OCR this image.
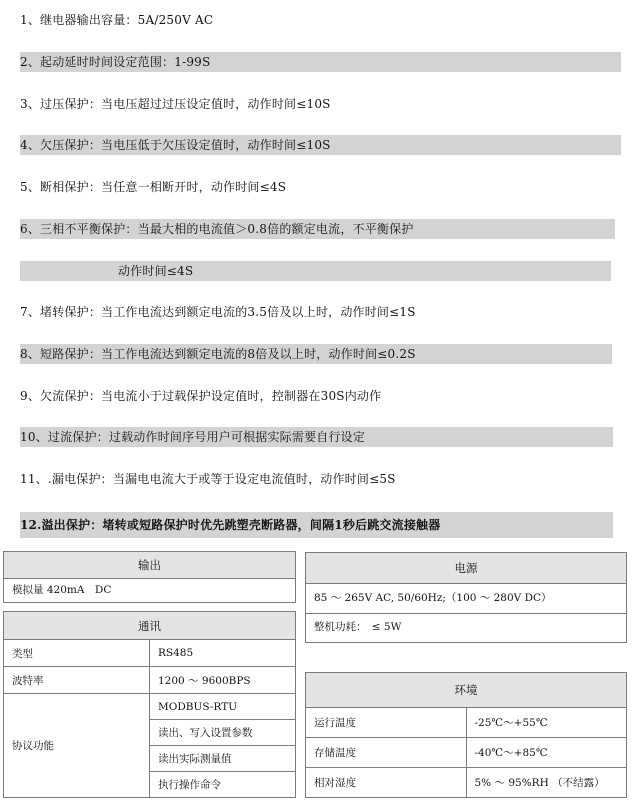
1、继电器输出容量：5A/250V AC
2、起动延时时间设定范围：1-99S
3、过压保护：当电压超过过压设定值时，动作时间≤10S
4、欠压保护：当电压低于欠压设定值时，动作时间≤10S
5、断相保护：当任意一相断开时，动作时间≤4S
6、三相不平衡保护：当最大相的电流值＞0.8倍的额定电流，不平衡保护
动作时间≤4S
7、堵转保护：当工作电流达到额定电流的3.5倍及以上时，动作时间≤1S
8、短路保护：当工作电流达到额定电流的8倍及以上时，动作时间≤0.2S
9、欠流保护：当电流小于过载保护设定值时，控制器在30S内动作
10、过流保护：过载动作时间序号用户可根据实际需要自行设定
11、.漏电保护：当漏电电流大于或等于设定电流值时，动作时间≤5S
12.溢出保护：堵转或短路保护时优先跳塑壳断路器，间隔1秒后跳交流接触器
输出
模拟量 420mA　DC
通讯	
类型	RS485
波特率	1200 ～ 9600BPS
协议功能	MODBUS-RTU
	读出、写入设置参数
	读出实际测量值
	执行操作命令
电源
85 ～ 265V AC, 50/60Hz;（100 ～ 280V DC）
整机功耗：　≤ 5W
环境	
运行温度	-25℃～+55℃
存储温度	-40℃～+85℃
相对湿度	5% ～ 95%RH （不结露）
